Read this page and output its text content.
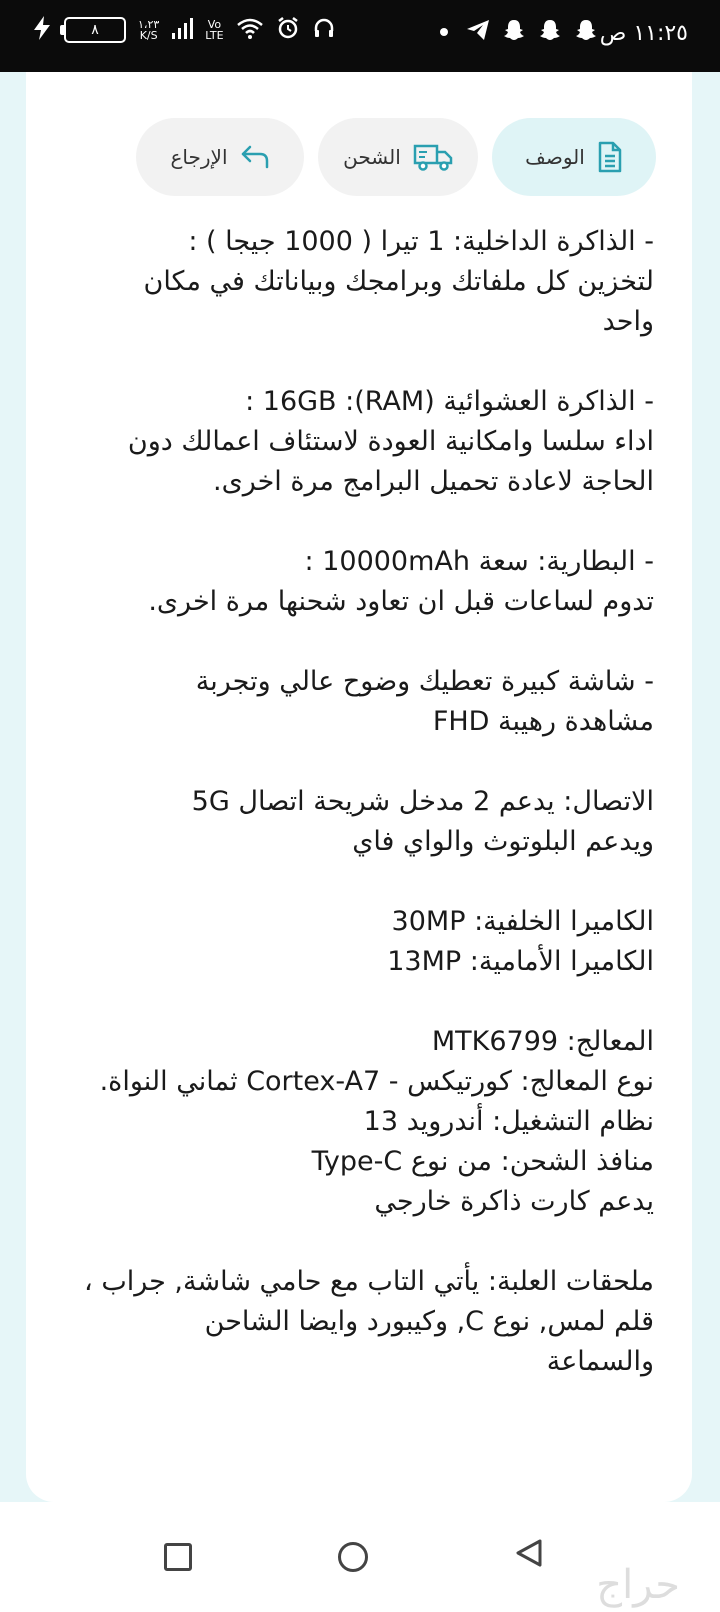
٨	١،٢٣
K/S
Vo
LTE	١١:٢٥ ص
الوصف
الشحن
الإرجاع
- الذاكرة الداخلية: 1 تيرا ( 1000 جيجا ) :
لتخزين كل ملفاتك وبرامجك وبياناتك في مكان
واحد
- الذاكرة العشوائية (RAM): 16GB :
اداء سلسا وامكانية العودة لاستئاف اعمالك دون
الحاجة لاعادة تحميل البرامج مرة اخرى.
- البطارية: سعة 10000mAh :
تدوم لساعات قبل ان تعاود شحنها مرة اخرى.
- شاشة كبيرة تعطيك وضوح عالي وتجربة
مشاهدة رهيبة FHD
الاتصال: يدعم 2 مدخل شريحة اتصال 5G
ويدعم البلوتوث والواي فاي
الكاميرا الخلفية: 30MP
الكاميرا الأمامية: 13MP
المعالج: MTK6799
نوع المعالج: كورتيكس - Cortex-A7 ثماني النواة.
نظام التشغيل: أندرويد 13
منافذ الشحن: من نوع Type-C
يدعم كارت ذاكرة خارجي
ملحقات العلبة: يأتي التاب مع حامي شاشة, جراب ،
قلم لمس, نوع C, وكيبورد وايضا الشاحن
والسماعة
حراج
